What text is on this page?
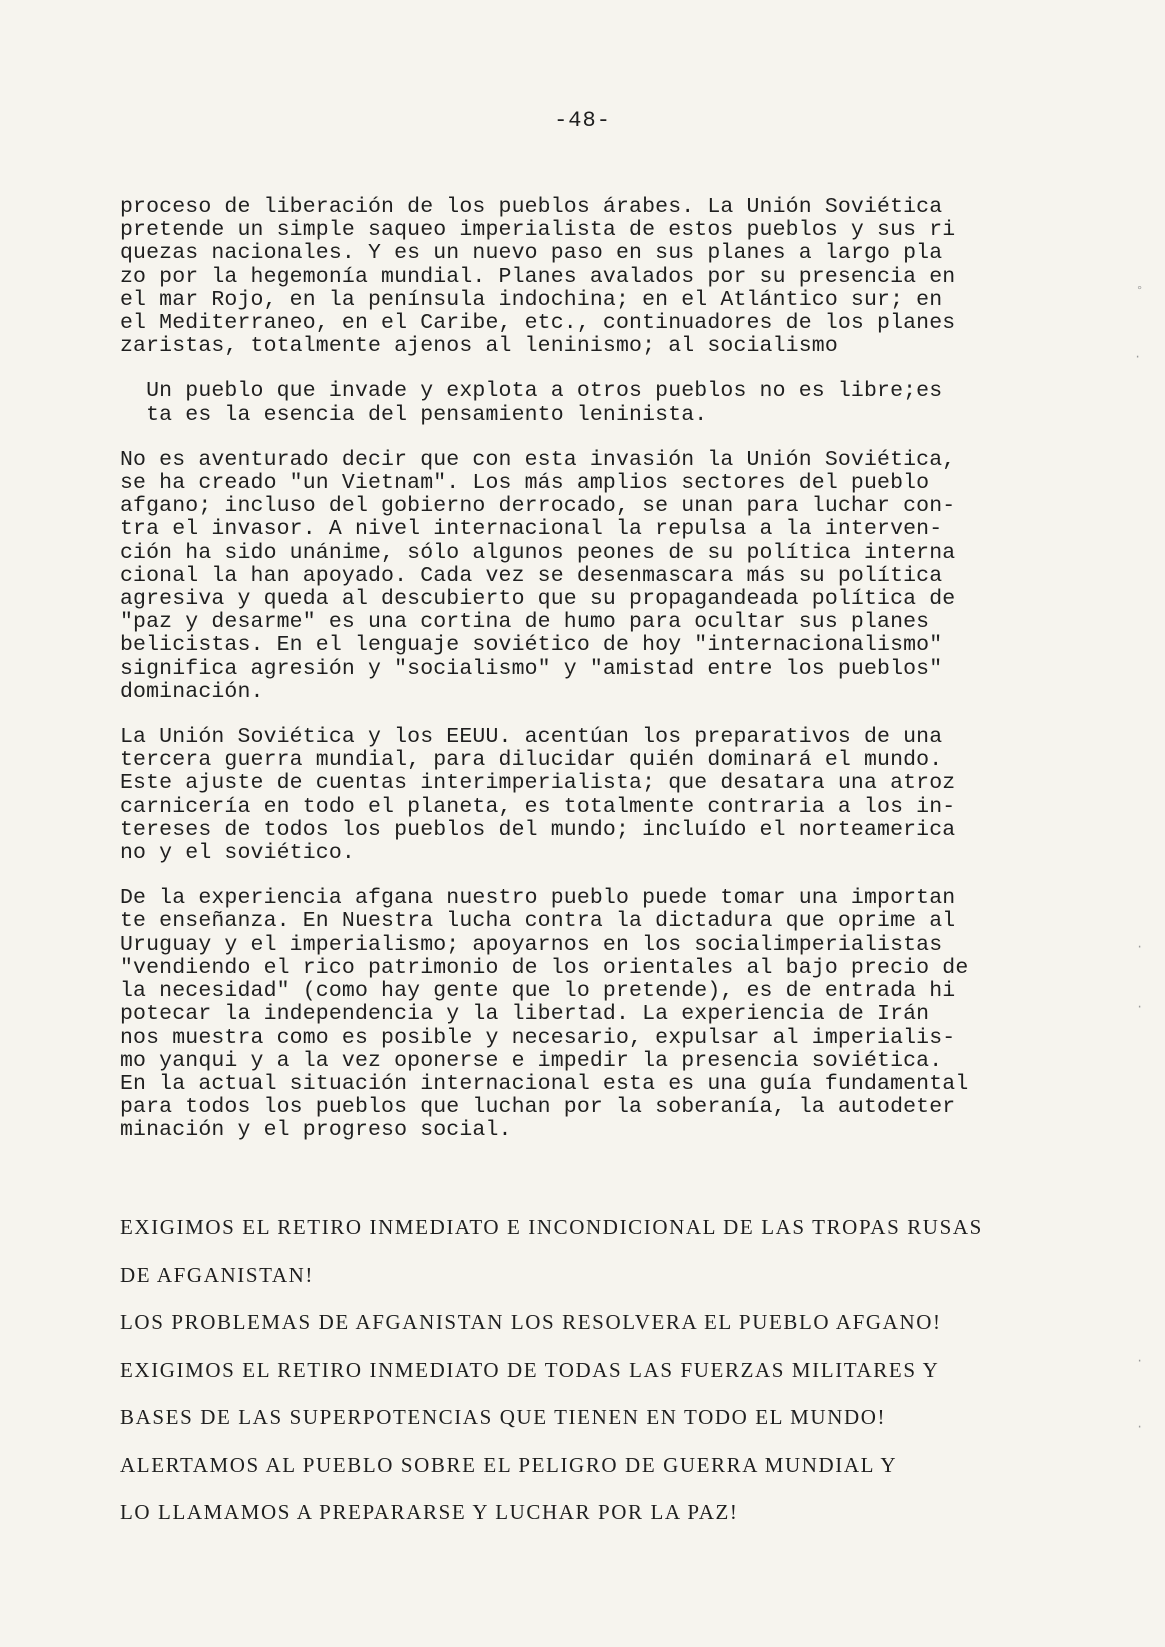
-48-
proceso de liberación de los pueblos árabes. La Unión Soviética
pretende un simple saqueo imperialista de estos pueblos y sus ri
quezas nacionales. Y es un nuevo paso en sus planes a largo pla
zo por la hegemonía mundial. Planes avalados por su presencia en
el mar Rojo, en la península indochina; en el Atlántico sur; en
el Mediterraneo, en el Caribe, etc., continuadores de los planes
zaristas, totalmente ajenos al leninismo; al socialismo
Un pueblo que invade y explota a otros pueblos no es libre;es
ta es la esencia del pensamiento leninista.
No es aventurado decir que con esta invasión la Unión Soviética,
se ha creado "un Vietnam". Los más amplios sectores del pueblo
afgano; incluso del gobierno derrocado, se unan para luchar con-
tra el invasor. A nivel internacional la repulsa a la interven-
ción ha sido unánime, sólo algunos peones de su política interna
cional la han apoyado. Cada vez se desenmascara más su política
agresiva y queda al descubierto que su propagandeada política de
"paz y desarme" es una cortina de humo para ocultar sus planes
belicistas. En el lenguaje soviético de hoy "internacionalismo"
significa agresión y "socialismo" y "amistad entre los pueblos"
dominación.
La Unión Soviética y los EEUU. acentúan los preparativos de una
tercera guerra mundial, para dilucidar quién dominará el mundo.
Este ajuste de cuentas interimperialista; que desatara una atroz
carnicería en todo el planeta, es totalmente contraria a los in-
tereses de todos los pueblos del mundo; incluído el norteamerica
no y el soviético.
De la experiencia afgana nuestro pueblo puede tomar una importan
te enseñanza. En Nuestra lucha contra la dictadura que oprime al
Uruguay y el imperialismo; apoyarnos en los socialimperialistas
"vendiendo el rico patrimonio de los orientales al bajo precio de
la necesidad" (como hay gente que lo pretende), es de entrada hi
potecar la independencia y la libertad. La experiencia de Irán
nos muestra como es posible y necesario, expulsar al imperialis-
mo yanqui y a la vez oponerse e impedir la presencia soviética.
En la actual situación internacional esta es una guía fundamental
para todos los pueblos que luchan por la soberanía, la autodeter
minación y el progreso social.
EXIGIMOS EL RETIRO INMEDIATO E INCONDICIONAL DE LAS TROPAS RUSAS
DE AFGANISTAN!
LOS PROBLEMAS DE AFGANISTAN LOS RESOLVERA EL PUEBLO AFGANO!
EXIGIMOS EL RETIRO INMEDIATO DE TODAS LAS FUERZAS MILITARES Y
BASES DE LAS SUPERPOTENCIAS QUE TIENEN EN TODO EL MUNDO!
ALERTAMOS AL PUEBLO SOBRE EL PELIGRO DE GUERRA MUNDIAL Y
LO LLAMAMOS A PREPARARSE Y LUCHAR POR LA PAZ!
°
·
·
·
·
·
